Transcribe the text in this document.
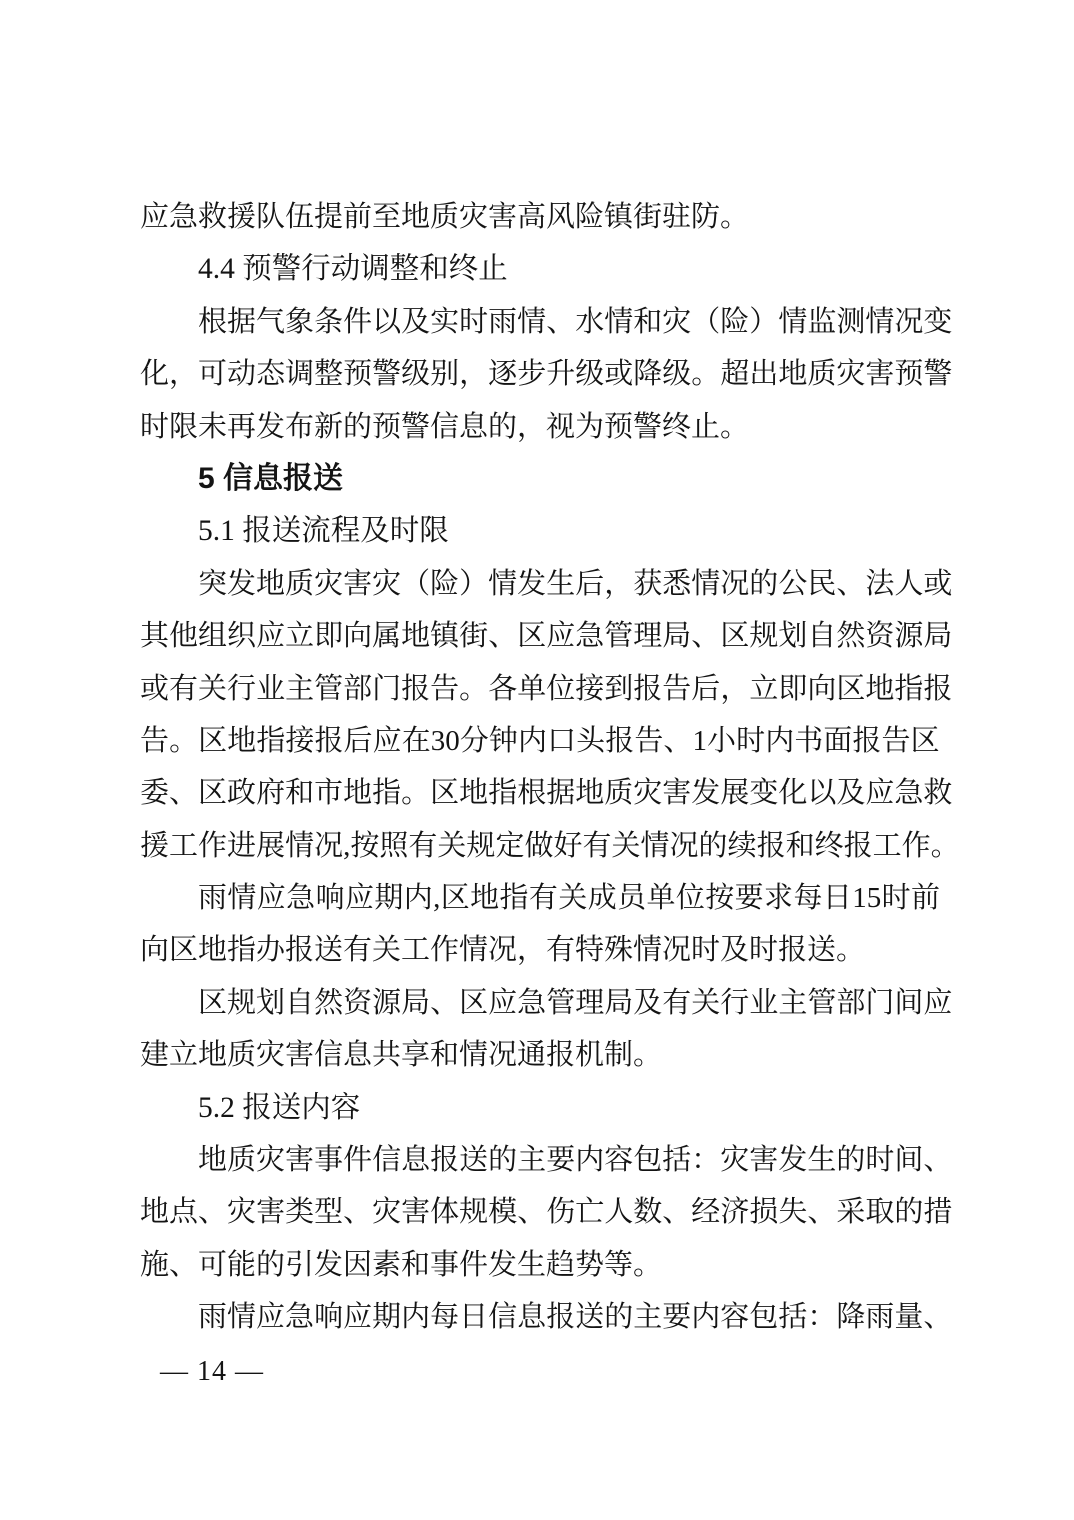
应急救援队伍提前至地质灾害高风险镇街驻防。
4.4 预警行动调整和终止
根 据 气 象 条 件 以 及 实 时 雨 情 、 水 情 和 灾 （ 险 ） 情 监 测 情 况 变
化 ， 可 动 态 调 整 预 警 级 别 ， 逐 步 升 级 或 降 级 。 超 出 地 质 灾 害 预 警
时限未再发布新的预警信息的，视为预警终止。
5 信息报送
5.1 报送流程及时限
突 发 地 质 灾 害 灾 （ 险 ） 情 发 生 后 ， 获 悉 情 况 的 公 民 、 法 人 或
其 他 组 织 应 立 即 向 属 地 镇 街 、 区 应 急 管 理 局 、 区 规 划 自 然 资 源 局
或 有 关 行 业 主 管 部 门 报 告 。 各 单 位 接 到 报 告 后 ， 立 即 向 区 地 指 报
告 。 区 地 指 接 报 后 应 在 30 分 钟 内 口 头 报 告 、 1 小 时 内 书 面 报 告 区
委 、 区 政 府 和 市 地 指 。 区 地 指 根 据 地 质 灾 害 发 展 变 化 以 及 应 急 救
援 工 作 进 展 情 况 , 按 照 有 关 规 定 做 好 有 关 情 况 的 续 报 和 终 报 工 作 。
雨 情 应 急 响 应 期 内 , 区 地 指 有 关 成 员 单 位 按 要 求 每 日 15 时 前
向区地指办报送有关工作情况，有特殊情况时及时报送。
区 规 划 自 然 资 源 局 、 区 应 急 管 理 局 及 有 关 行 业 主 管 部 门 间 应
建立地质灾害信息共享和情况通报机制。
5.2 报送内容
地 质 灾 害 事 件 信 息 报 送 的 主 要 内 容 包 括 ： 灾 害 发 生 的 时 间 、
地 点 、 灾 害 类 型 、 灾 害 体 规 模 、 伤 亡 人 数 、 经 济 损 失 、 采 取 的 措
施、可能的引发因素和事件发生趋势等。
雨 情 应 急 响 应 期 内 每 日 信 息 报 送 的 主 要 内 容 包 括 ： 降 雨 量 、
— 14 —
